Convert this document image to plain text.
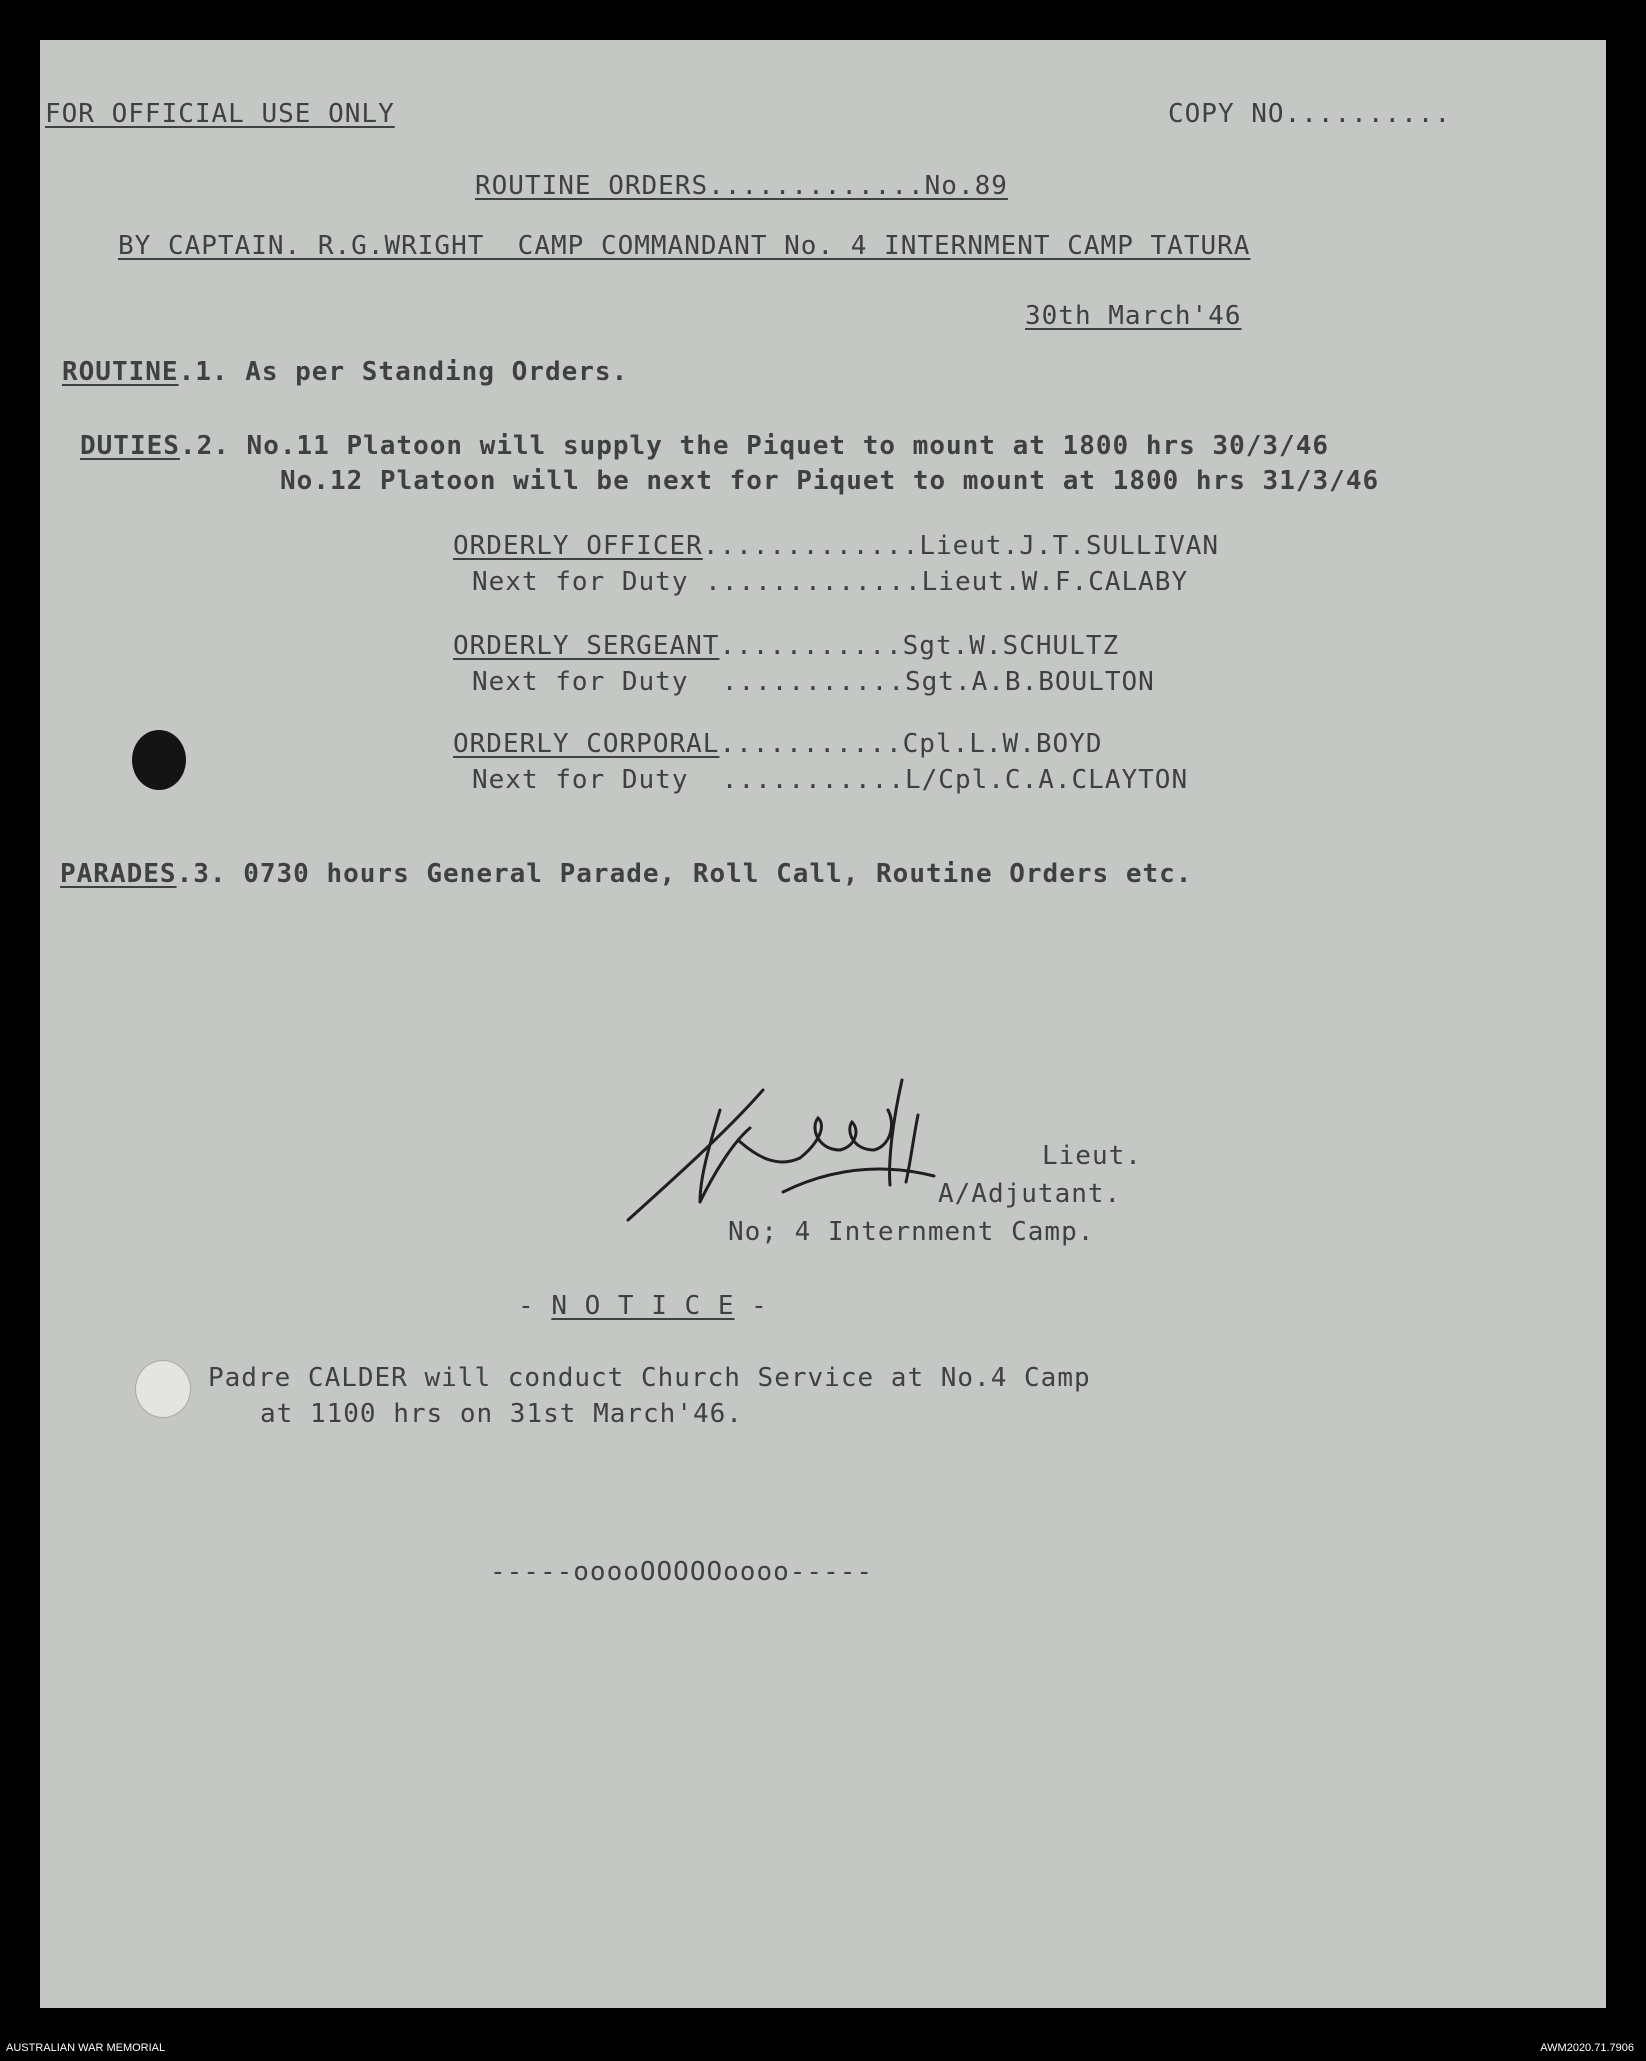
FOR OFFICIAL USE ONLY	COPY NO..........
ROUTINE ORDERS.............No.89
BY CAPTAIN. R.G.WRIGHT  CAMP COMMANDANT No. 4 INTERNMENT CAMP TATURA
30th March'46
ROUTINE.1. As per Standing Orders.
DUTIES.2. No.11 Platoon will supply the Piquet to mount at 1800 hrs 30/3/46
No.12 Platoon will be next for Piquet to mount at 1800 hrs 31/3/46
ORDERLY OFFICER.............Lieut.J.T.SULLIVAN
Next for Duty .............Lieut.W.F.CALABY
ORDERLY SERGEANT...........Sgt.W.SCHULTZ
Next for Duty  ...........Sgt.A.B.BOULTON
ORDERLY CORPORAL...........Cpl.L.W.BOYD
Next for Duty  ...........L/Cpl.C.A.CLAYTON
PARADES.3. 0730 hours General Parade, Roll Call, Routine Orders etc.
Lieut.
A/Adjutant.
No; 4 Internment Camp.
- N O T I C E -
Padre CALDER will conduct Church Service at No.4 Camp
at 1100 hrs on 31st March'46.
-----ooooOOOOOoooo-----
AUSTRALIAN WAR MEMORIAL	AWM2020.71.7906
